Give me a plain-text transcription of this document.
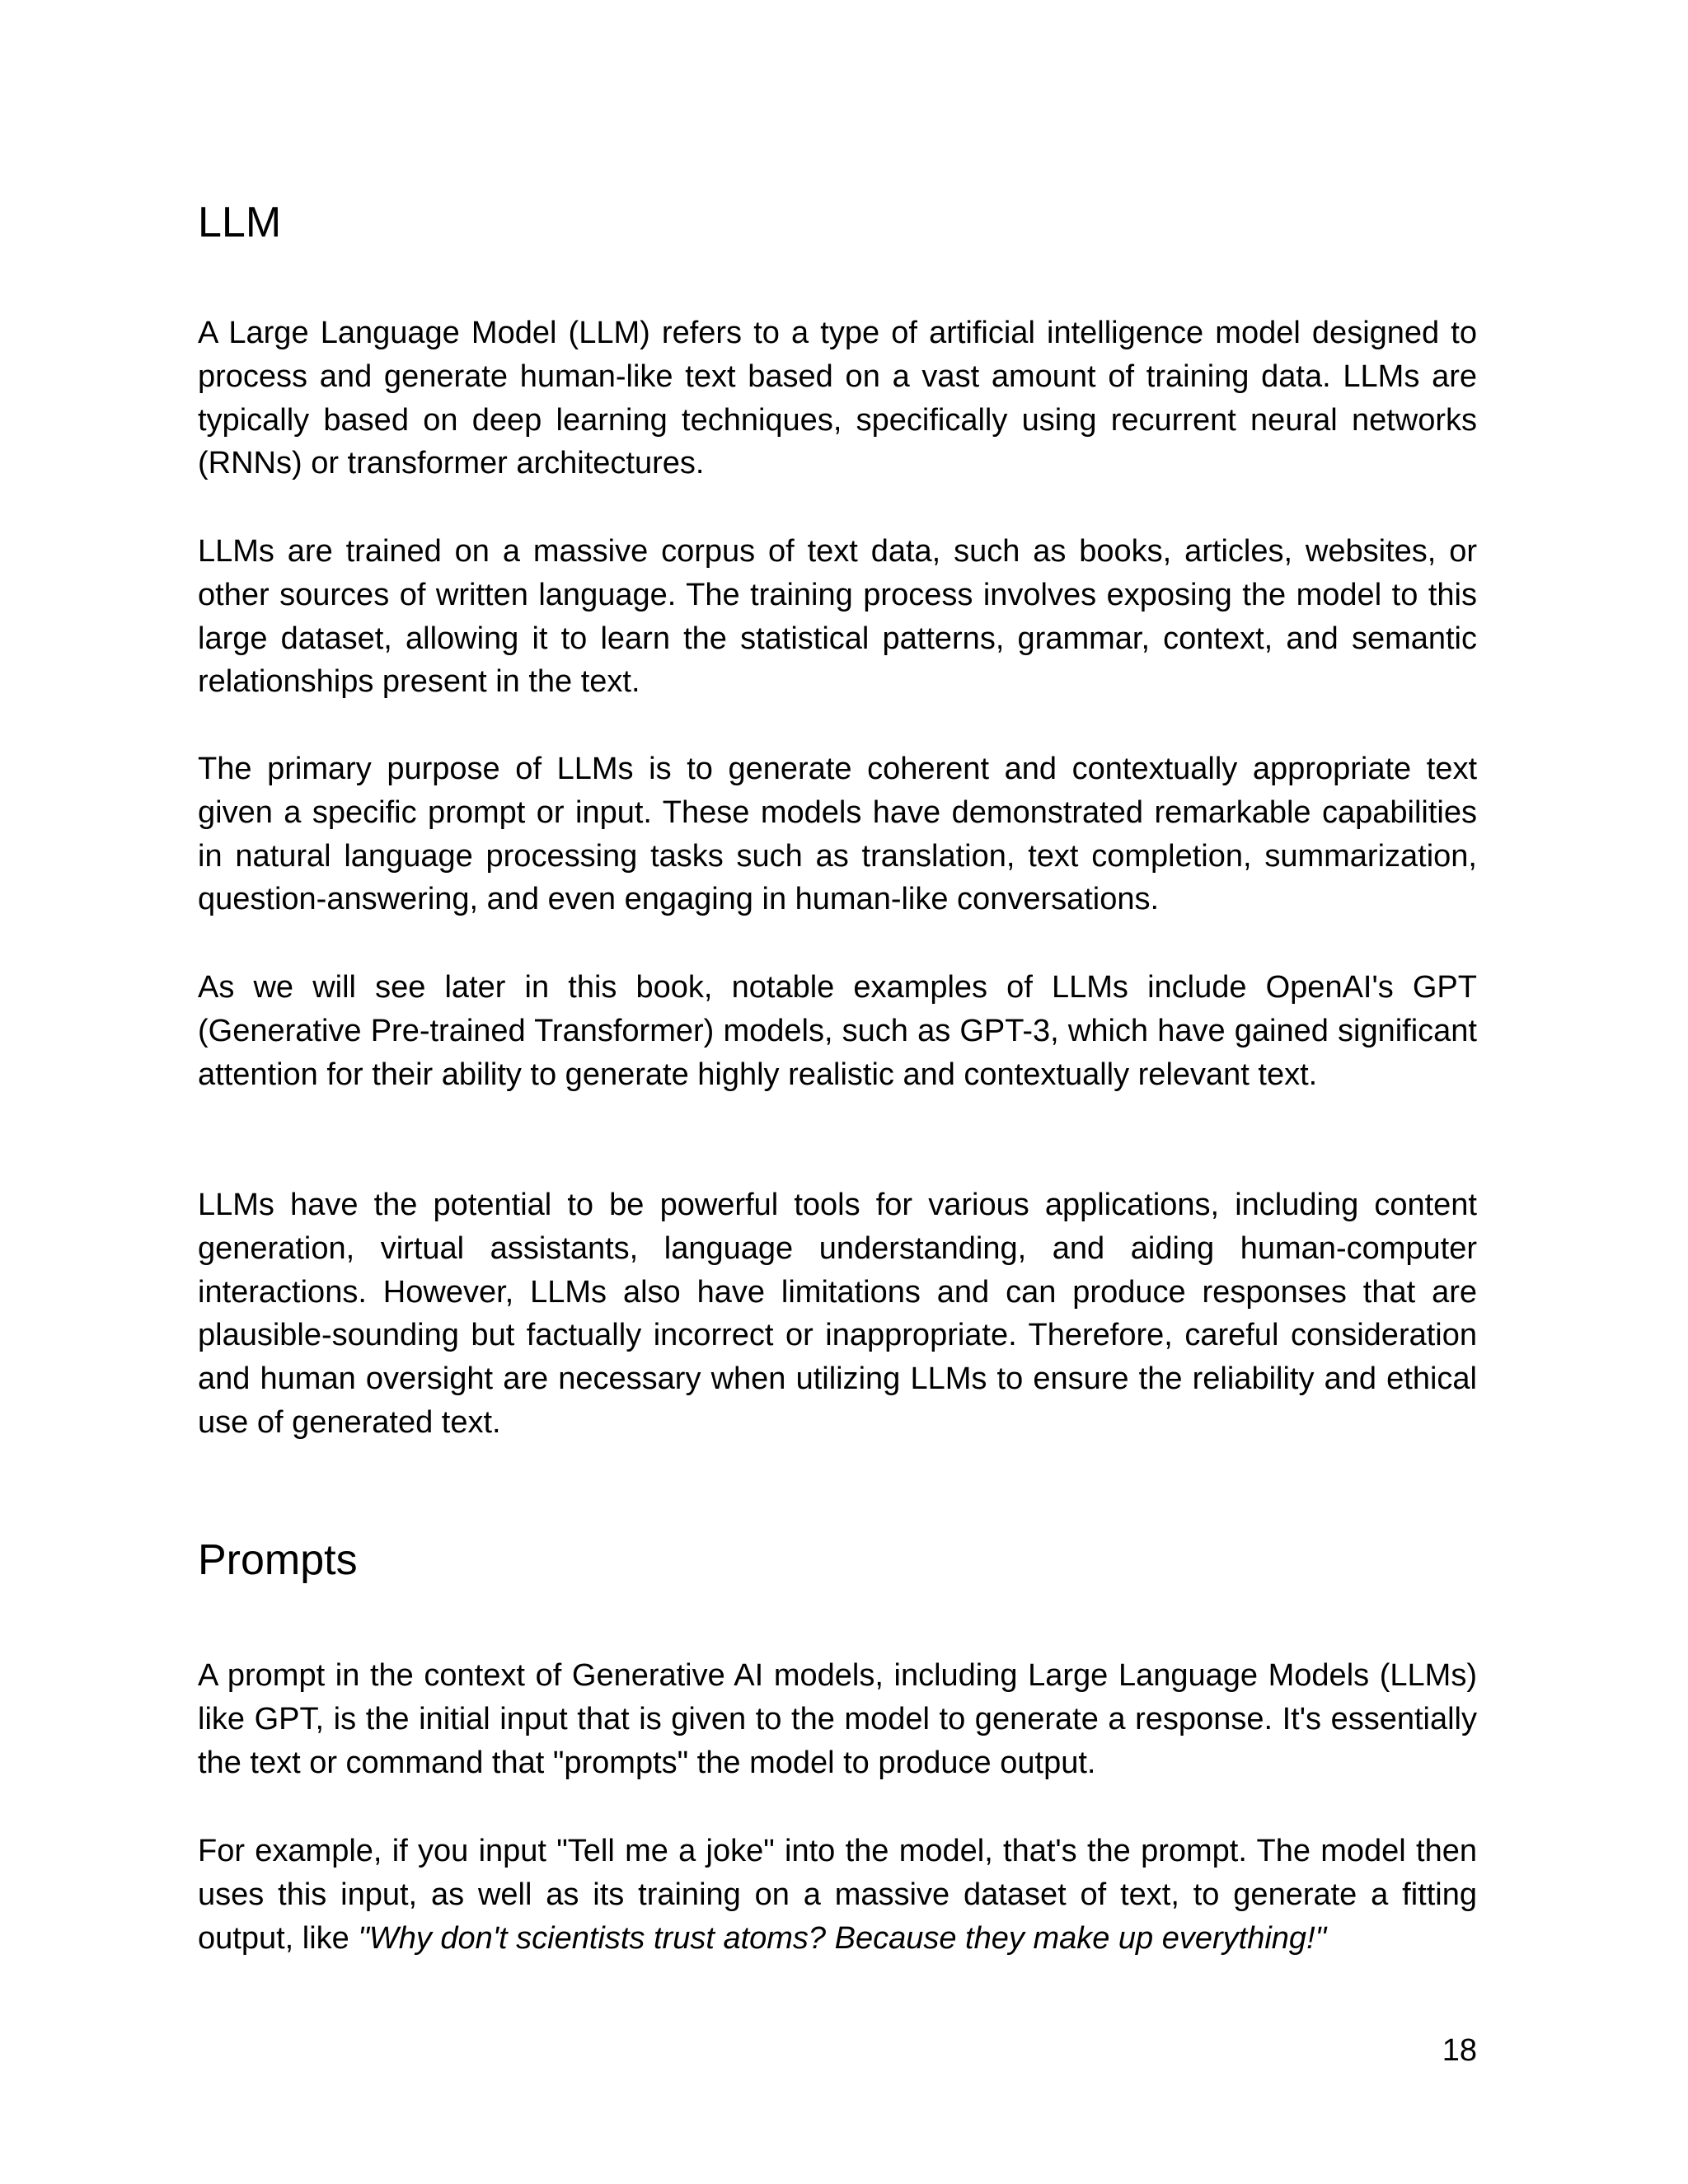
LLM

A Large Language Model (LLM) refers to a type of artificial intelligence model designed to process and generate human-like text based on a vast amount of training data. LLMs are typically based on deep learning techniques, specifically using recurrent neural networks (RNNs) or transformer architectures.

LLMs are trained on a massive corpus of text data, such as books, articles, websites, or other sources of written language. The training process involves exposing the model to this large dataset, allowing it to learn the statistical patterns, grammar, context, and semantic relationships present in the text.

The primary purpose of LLMs is to generate coherent and contextually appropriate text given a specific prompt or input. These models have demonstrated remarkable capabilities in natural language processing tasks such as translation, text completion, summarization, question-answering, and even engaging in human-like conversations.

As we will see later in this book, notable examples of LLMs include OpenAI's GPT (Generative Pre-trained Transformer) models, such as GPT-3, which have gained significant attention for their ability to generate highly realistic and contextually relevant text.

LLMs have the potential to be powerful tools for various applications, including content generation, virtual assistants, language understanding, and aiding human-computer interactions. However, LLMs also have limitations and can produce responses that are plausible-sounding but factually incorrect or inappropriate. Therefore, careful consideration and human oversight are necessary when utilizing LLMs to ensure the reliability and ethical use of generated text.

Prompts

A prompt in the context of Generative AI models, including Large Language Models (LLMs) like GPT, is the initial input that is given to the model to generate a response. It's essentially the text or command that "prompts" the model to produce output.

For example, if you input "Tell me a joke" into the model, that's the prompt. The model then uses this input, as well as its training on a massive dataset of text, to generate a fitting output, like "Why don't scientists trust atoms? Because they make up everything!"

18
